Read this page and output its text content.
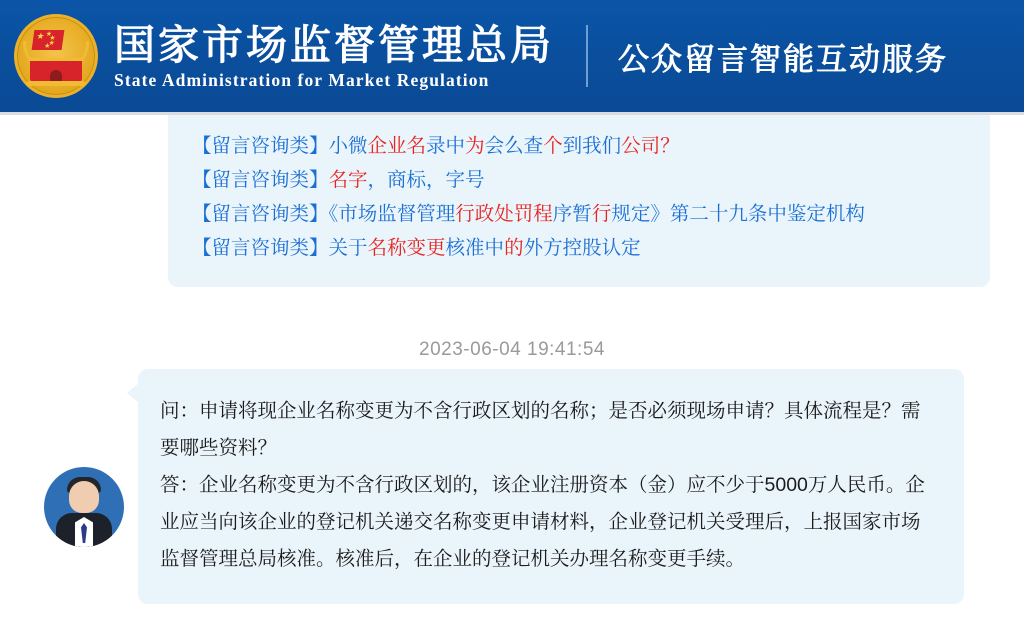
★ ★
★
★
★ 国家市场监督管理总局
State Administration for Market Regulation
公众留言智能互动服务
【留言咨询类】小微企业名录中为会么查个到我们公司？
【留言咨询类】名字，商标，字号
【留言咨询类】《市场监督管理行政处罚程序暂行规定》第二十九条中鉴定机构
【留言咨询类】关于名称变更核准中的外方控股认定
2023-06-04 19:41:54

问：申请将现企业名称变更为不含行政区划的名称；是否必须现场申请？具体流程是？需要哪些资料？

答：企业名称变更为不含行政区划的，该企业注册资本（金）应不少于5000万人民币。企业应当向该企业的登记机关递交名称变更申请材料，企业登记机关受理后，上报国家市场监督管理总局核准。核准后，在企业的登记机关办理名称变更手续。
